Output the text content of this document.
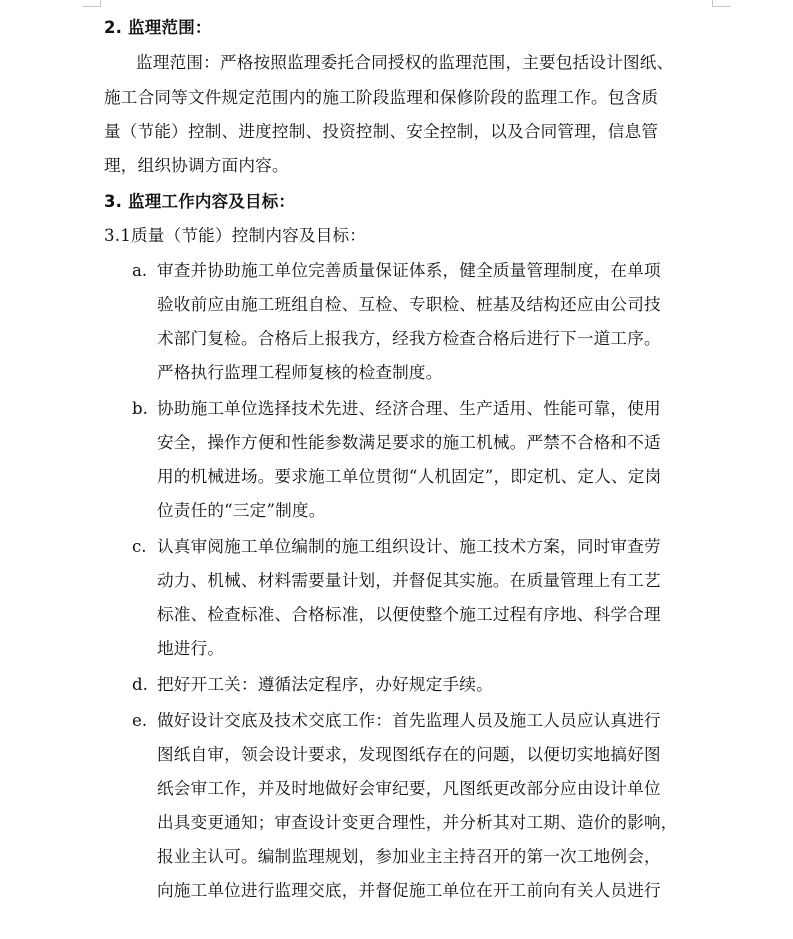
2. 监理范围：
监理范围：严格按照监理委托合同授权的监理范围，主要包括设计图纸、
施工合同等文件规定范围内的施工阶段监理和保修阶段的监理工作。包含质
量（节能）控制、进度控制、投资控制、安全控制，以及合同管理，信息管
理，组织协调方面内容。
3. 监理工作内容及目标：
3.1质量（节能）控制内容及目标：
a. 审查并协助施工单位完善质量保证体系，健全质量管理制度，在单项
验收前应由施工班组自检、互检、专职检、桩基及结构还应由公司技
术部门复检。合格后上报我方，经我方检查合格后进行下一道工序。
严格执行监理工程师复核的检查制度。
b. 协助施工单位选择技术先进、经济合理、生产适用、性能可靠，使用
安全，操作方便和性能参数满足要求的施工机械。严禁不合格和不适
用的机械进场。要求施工单位贯彻“人机固定”，即定机、定人、定岗
位责任的“三定”制度。
c. 认真审阅施工单位编制的施工组织设计、施工技术方案，同时审查劳
动力、机械、材料需要量计划，并督促其实施。在质量管理上有工艺
标准、检查标准、合格标准，以便使整个施工过程有序地、科学合理
地进行。
d. 把好开工关：遵循法定程序，办好规定手续。
e. 做好设计交底及技术交底工作：首先监理人员及施工人员应认真进行
图纸自审，领会设计要求，发现图纸存在的问题，以便切实地搞好图
纸会审工作，并及时地做好会审纪要，凡图纸更改部分应由设计单位
出具变更通知；审查设计变更合理性，并分析其对工期、造价的影响，
报业主认可。编制监理规划，参加业主主持召开的第一次工地例会，
向施工单位进行监理交底，并督促施工单位在开工前向有关人员进行
